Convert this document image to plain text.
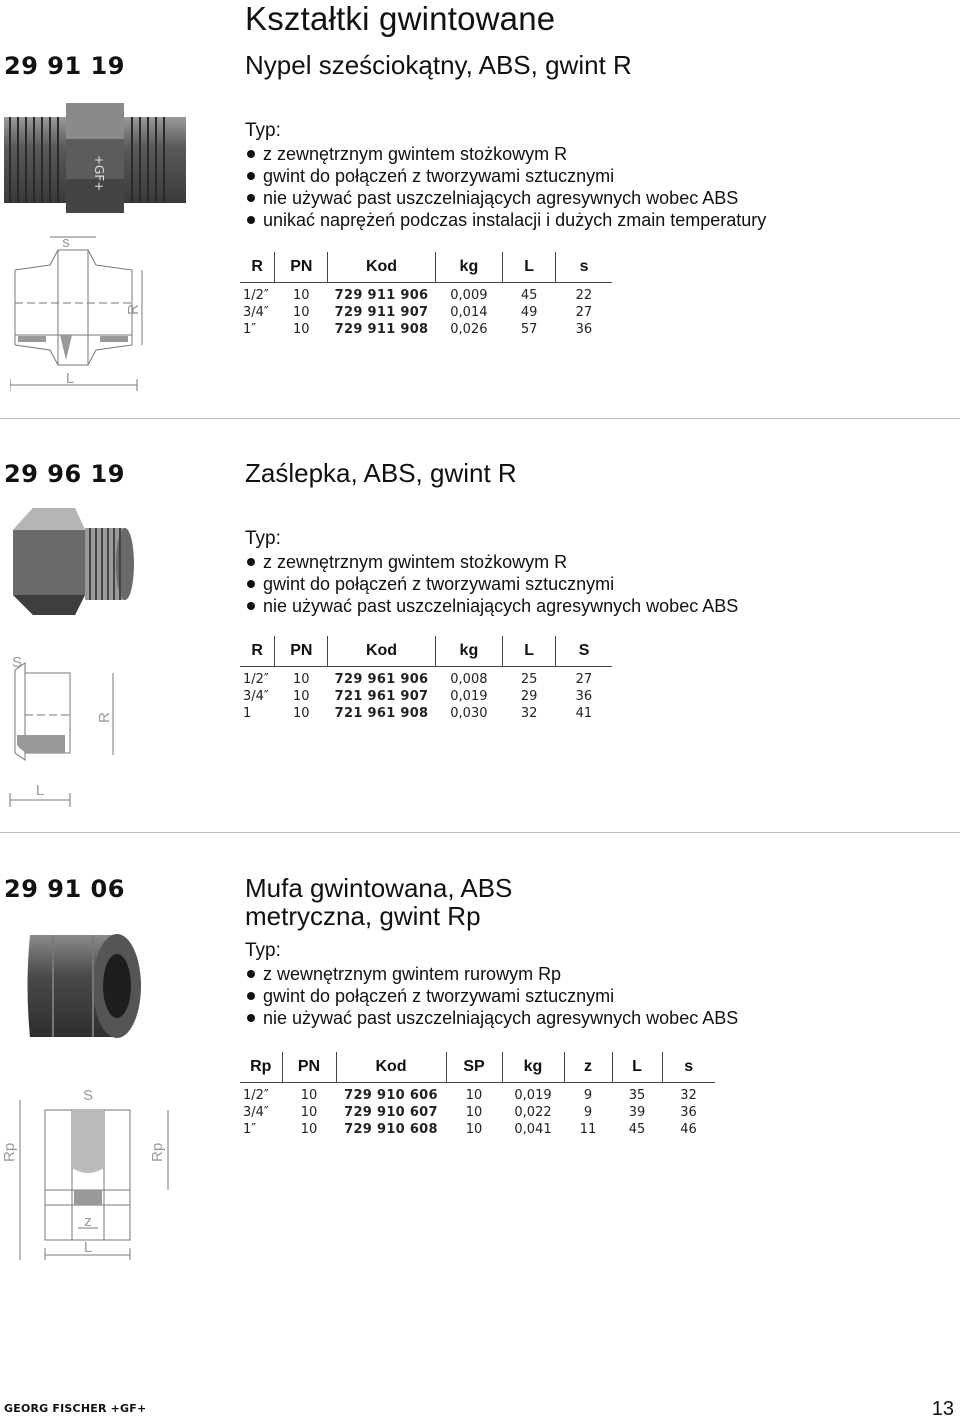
Kształtki gwintowane
29 91 19	Nypel sześciokątny, ABS, gwint R
+GF+
Typ:
z zewnętrznym gwintem stożkowym R
gwint do połączeń z tworzywami sztucznymi
nie używać past uszczelniających agresywnych wobec ABS
unikać naprężeń podczas instalacji i dużych zmain temperatury
s
R
L
R	PN	Kod	kg	L	s
1/2″	10	729 911 906	0,009	45	22
3/4″	10	729 911 907	0,014	49	27
1″	10	729 911 908	0,026	57	36
29 96 19	Zaślepka, ABS, gwint R
Typ:
z zewnętrznym gwintem stożkowym R
gwint do połączeń z tworzywami sztucznymi
nie używać past uszczelniających agresywnych wobec ABS
S
R
L
R	PN	Kod	kg	L	S
1/2″	10	729 961 906	0,008	25	27
3/4″	10	721 961 907	0,019	29	36
1	10	721 961 908	0,030	32	41
29 91 06	Mufa gwintowana, ABS
metryczna, gwint Rp
Typ:
z wewnętrznym gwintem rurowym Rp
gwint do połączeń z tworzywami sztucznymi
nie używać past uszczelniających agresywnych wobec ABS
S
Rp	Rp
z
L
Rp	PN	Kod	SP	kg	z	L	s
1/2″	10	729 910 606	10	0,019	9	35	32
3/4″	10	729 910 607	10	0,022	9	39	36
1″	10	729 910 608	10	0,041	11	45	46
GEORG FISCHER +GF+	13
